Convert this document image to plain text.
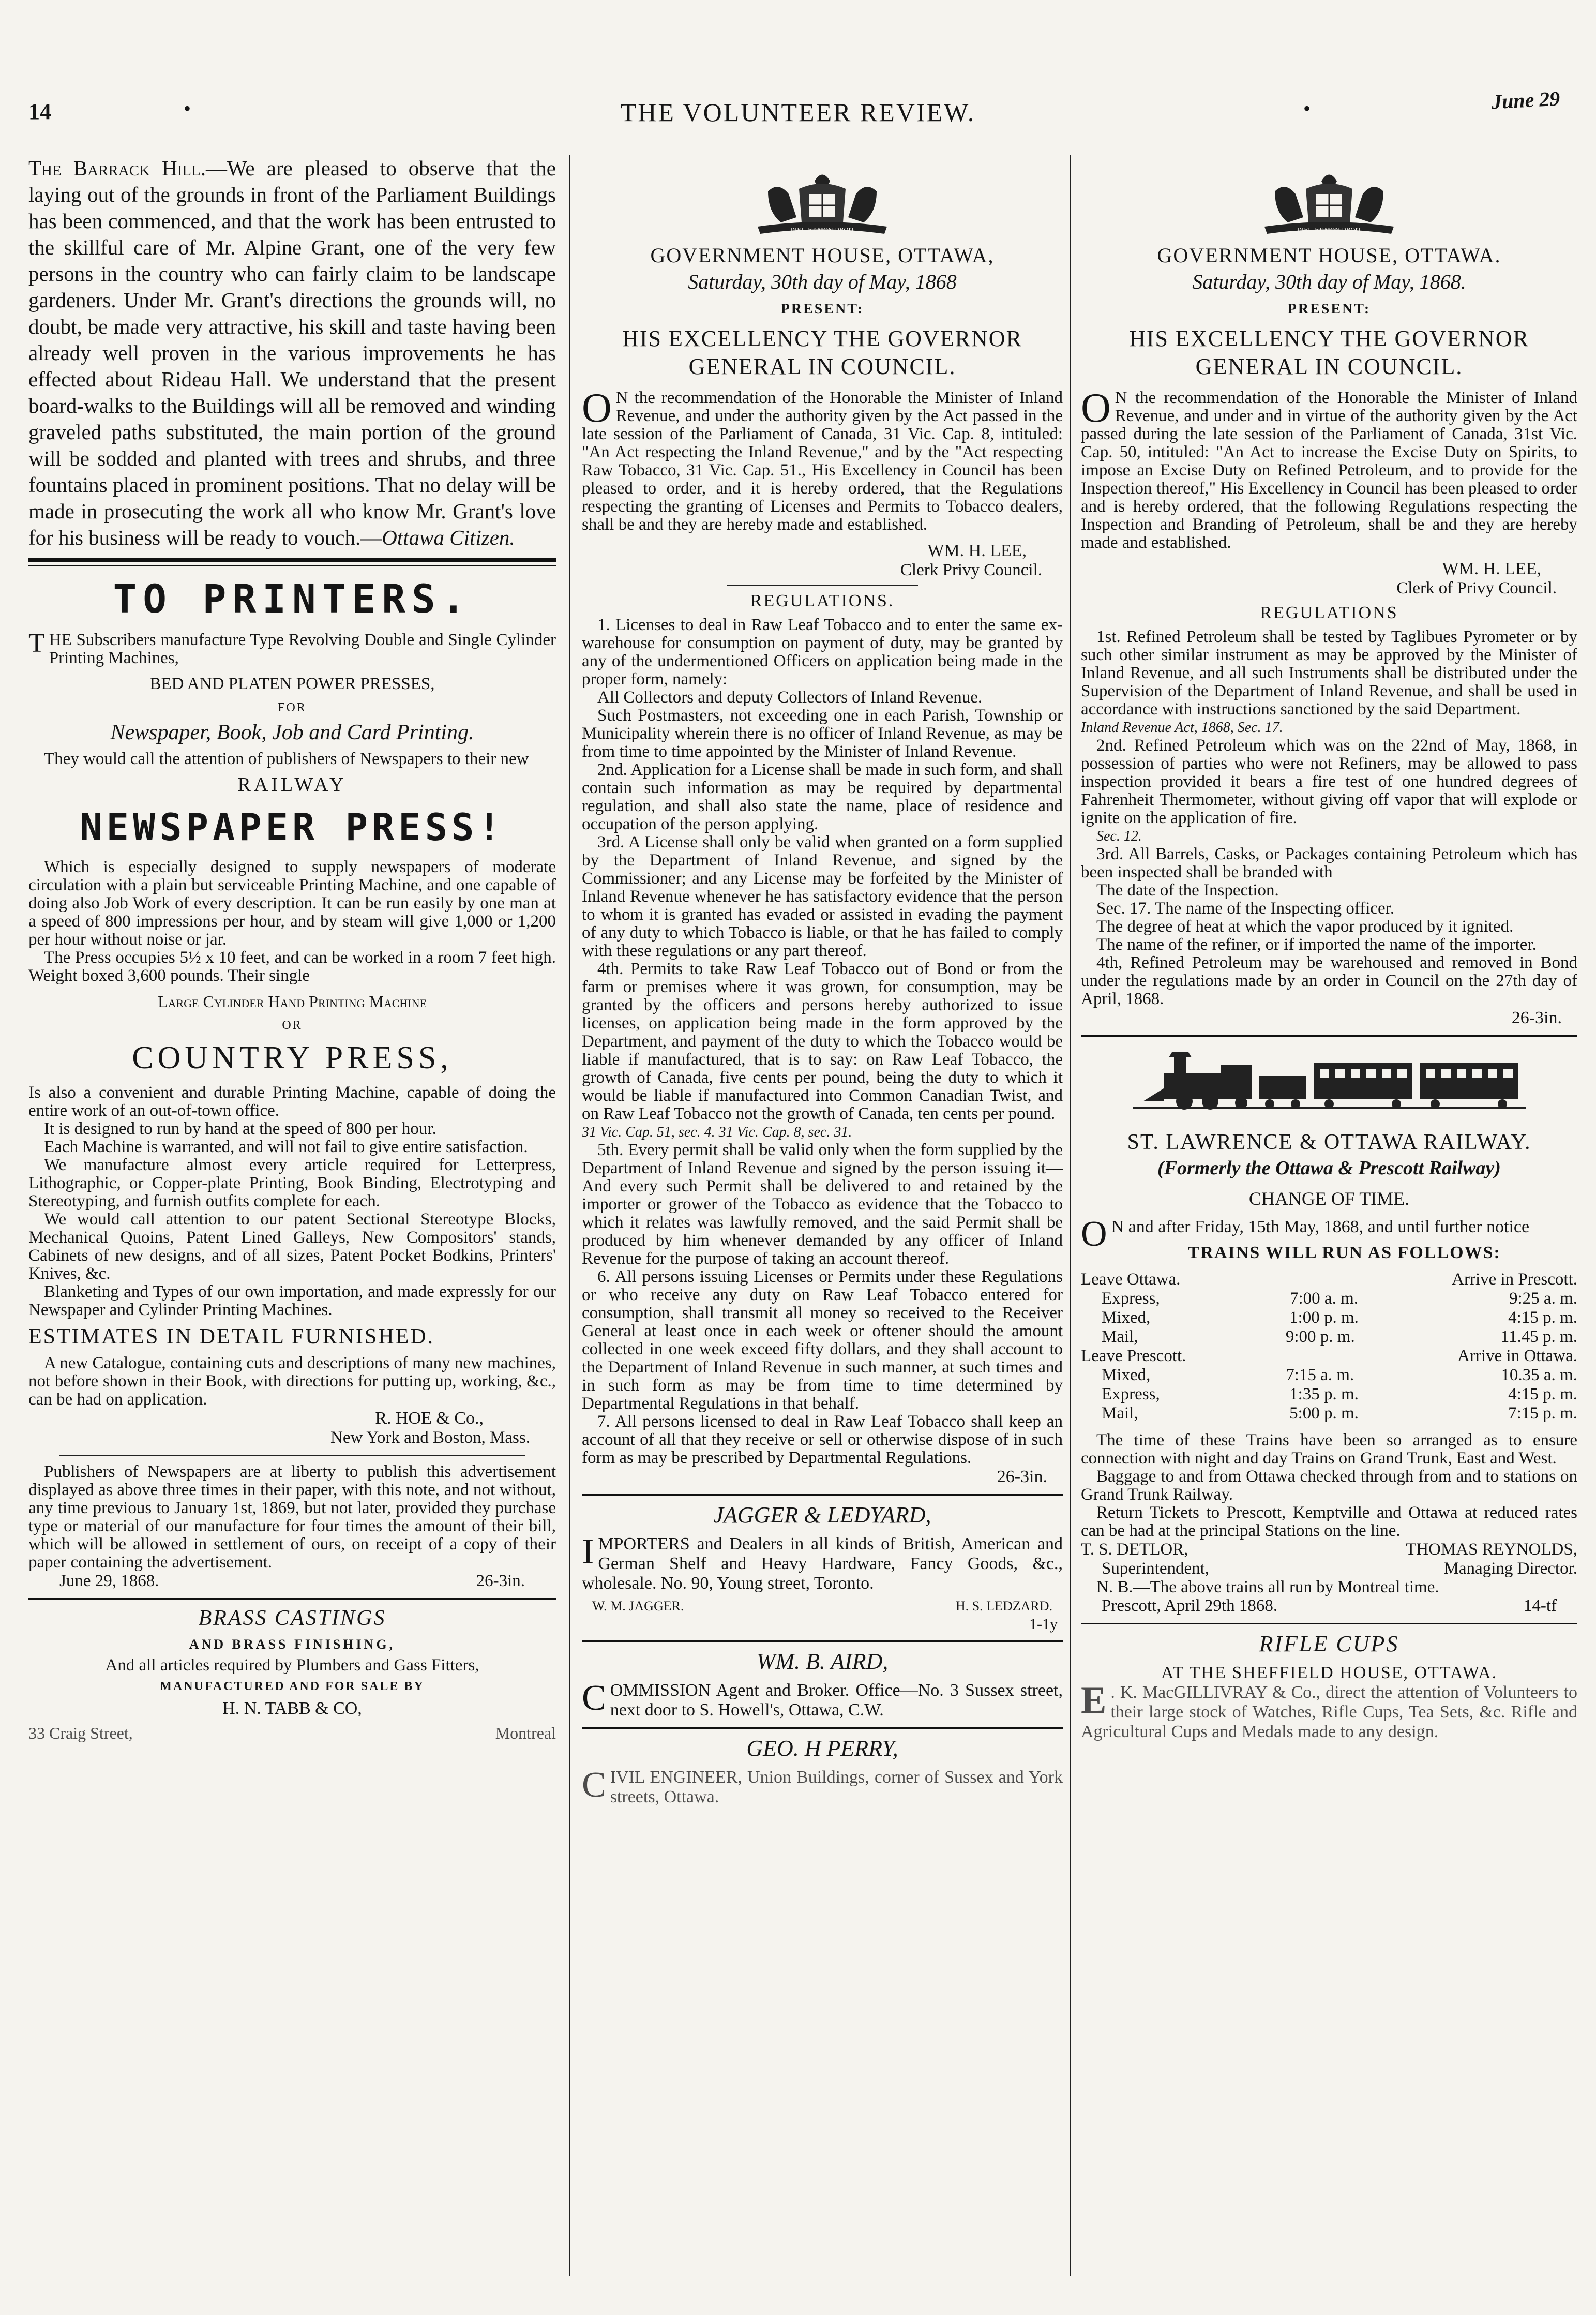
14	•	THE VOLUNTEER REVIEW.	•	June 29

The Barrack Hill.—We are pleased to observe that the laying out of the grounds in front of the Parliament Buildings has been commenced, and that the work has been entrusted to the skillful care of Mr. Alpine Grant, one of the very few persons in the country who can fairly claim to be landscape gardeners. Under Mr. Grant's directions the grounds will, no doubt, be made very attractive, his skill and taste having been already well proven in the various improvements he has effected about Rideau Hall. We understand that the present board-walks to the Buildings will all be removed and winding graveled paths substituted, the main portion of the ground will be sodded and planted with trees and shrubs, and three fountains placed in prominent positions. That no delay will be made in prosecuting the work all who know Mr. Grant's love for his business will be ready to vouch.—Ottawa Citizen.

TO PRINTERS.

THE Subscribers manufacture Type Revolving Double and Single Cylinder Printing Machines,

BED AND PLATEN POWER PRESSES,
FOR
Newspaper, Book, Job and Card Printing.

They would call the attention of publishers of Newspapers to their new

RAILWAY
NEWSPAPER PRESS!

Which is especially designed to supply newspapers of moderate circulation with a plain but serviceable Printing Machine, and one capable of doing also Job Work of every description. It can be run easily by one man at a speed of 800 impressions per hour, and by steam will give 1,000 or 1,200 per hour without noise or jar.

The Press occupies 5½ x 10 feet, and can be worked in a room 7 feet high. Weight boxed 3,600 pounds. Their single

Large Cylinder Hand Printing Machine
OR
COUNTRY PRESS,

Is also a convenient and durable Printing Machine, capable of doing the entire work of an out-of-town office.

It is designed to run by hand at the speed of 800 per hour.

Each Machine is warranted, and will not fail to give entire satisfaction.

We manufacture almost every article required for Letterpress, Lithographic, or Copper-plate Printing, Book Binding, Electrotyping and Stereotyping, and furnish outfits complete for each.

We would call attention to our patent Sectional Stereotype Blocks, Mechanical Quoins, Patent Lined Galleys, New Compositors' stands, Cabinets of new designs, and of all sizes, Patent Pocket Bodkins, Printers' Knives, &c.

Blanketing and Types of our own importation, and made expressly for our Newspaper and Cylinder Printing Machines.

ESTIMATES IN DETAIL FURNISHED.

A new Catalogue, containing cuts and descriptions of many new machines, not before shown in their Book, with directions for putting up, working, &c., can be had on application.

R. HOE & Co.,
New York and Boston, Mass.

Publishers of Newspapers are at liberty to publish this advertisement displayed as above three times in their paper, with this note, and not without, any time previous to January 1st, 1869, but not later, provided they purchase type or material of our manufacture for four times the amount of their bill, which will be allowed in settlement of ours, on receipt of a copy of their paper containing the advertisement.

June 29, 1868.	26-3in.
BRASS CASTINGS
AND BRASS FINISHING,

And all articles required by Plumbers and Gass Fitters,

MANUFACTURED AND FOR SALE BY
H. N. TABB & CO,
33 Craig Street,	Montreal
DIEU ET MON DROIT
GOVERNMENT HOUSE, OTTAWA,
Saturday, 30th day of May, 1868
PRESENT:
HIS EXCELLENCY THE GOVERNOR GENERAL IN COUNCIL.

O N the recommendation of the Honorable the Minister of Inland Revenue, and under the authority given by the Act passed in the late session of the Parliament of Canada, 31 Vic. Cap. 8, intituled: "An Act respecting the Inland Revenue," and by the "Act respecting Raw Tobacco, 31 Vic. Cap. 51., His Excellency in Council has been pleased to order, and it is hereby ordered, that the Regulations respecting the granting of Licenses and Permits to Tobacco dealers, shall be and they are hereby made and established.

WM. H. LEE,
Clerk Privy Council.
REGULATIONS.

1. Licenses to deal in Raw Leaf Tobacco and to enter the same ex-warehouse for consumption on payment of duty, may be granted by any of the undermentioned Officers on application being made in the proper form, namely:

All Collectors and deputy Collectors of Inland Revenue.

Such Postmasters, not exceeding one in each Parish, Township or Municipality wherein there is no officer of Inland Revenue, as may be from time to time appointed by the Minister of Inland Revenue.

2nd. Application for a License shall be made in such form, and shall contain such information as may be required by departmental regulation, and shall also state the name, place of residence and occupation of the person applying.

3rd. A License shall only be valid when granted on a form supplied by the Department of Inland Revenue, and signed by the Commissioner; and any License may be forfeited by the Minister of Inland Revenue whenever he has satisfactory evidence that the person to whom it is granted has evaded or assisted in evading the payment of any duty to which Tobacco is liable, or that he has failed to comply with these regulations or any part thereof.

4th. Permits to take Raw Leaf Tobacco out of Bond or from the farm or premises where it was grown, for consumption, may be granted by the officers and persons hereby authorized to issue licenses, on application being made in the form approved by the Department, and payment of the duty to which the Tobacco would be liable if manufactured, that is to say: on Raw Leaf Tobacco, the growth of Canada, five cents per pound, being the duty to which it would be liable if manufactured into Common Canadian Twist, and on Raw Leaf Tobacco not the growth of Canada, ten cents per pound.

31 Vic. Cap. 51, sec. 4. 31 Vic. Cap. 8, sec. 31.

5th. Every permit shall be valid only when the form supplied by the Department of Inland Revenue and signed by the person issuing it—And every such Permit shall be delivered to and retained by the importer or grower of the Tobacco as evidence that the Tobacco to which it relates was lawfully removed, and the said Permit shall be produced by him whenever demanded by any officer of Inland Revenue for the purpose of taking an account thereof.

6. All persons issuing Licenses or Permits under these Regulations or who receive any duty on Raw Leaf Tobacco entered for consumption, shall transmit all money so received to the Receiver General at least once in each week or oftener should the amount collected in one week exceed fifty dollars, and they shall account to the Department of Inland Revenue in such manner, at such times and in such form as may be from time to time determined by Departmental Regulations in that behalf.

7. All persons licensed to deal in Raw Leaf Tobacco shall keep an account of all that they receive or sell or otherwise dispose of in such form as may be prescribed by Departmental Regulations.

26-3in.
JAGGER & LEDYARD,

IMPORTERS and Dealers in all kinds of British, American and German Shelf and Heavy Hardware, Fancy Goods, &c., wholesale. No. 90, Young street, Toronto.

W. M. JAGGER.	H. S. LEDZARD.
1-1y
WM. B. AIRD,

COMMISSION Agent and Broker. Office—No. 3 Sussex street, next door to S. Howell's, Ottawa, C.W.

GEO. H PERRY,

CIVIL ENGINEER, Union Buildings, corner of Sussex and York streets, Ottawa.

DIEU ET MON DROIT
GOVERNMENT HOUSE, OTTAWA.
Saturday, 30th day of May, 1868.
PRESENT:
HIS EXCELLENCY THE GOVERNOR GENERAL IN COUNCIL.

O N the recommendation of the Honorable the Minister of Inland Revenue, and under and in virtue of the authority given by the Act passed during the late session of the Parliament of Canada, 31st Vic. Cap. 50, intituled: "An Act to increase the Excise Duty on Spirits, to impose an Excise Duty on Refined Petroleum, and to provide for the Inspection thereof," His Excellency in Council has been pleased to order and is hereby ordered, that the following Regulations respecting the Inspection and Branding of Petroleum, shall be and they are hereby made and established.

WM. H. LEE,
Clerk of Privy Council.
REGULATIONS

1st. Refined Petroleum shall be tested by Taglibues Pyrometer or by such other similar instrument as may be approved by the Minister of Inland Revenue, and all such Instruments shall be distributed under the Supervision of the Department of Inland Revenue, and shall be used in accordance with instructions sanctioned by the said Department.

Inland Revenue Act, 1868, Sec. 17.

2nd. Refined Petroleum which was on the 22nd of May, 1868, in possession of parties who were not Refiners, may be allowed to pass inspection provided it bears a fire test of one hundred degrees of Fahrenheit Thermometer, without giving off vapor that will explode or ignite on the application of fire.

Sec. 12.

3rd. All Barrels, Casks, or Packages containing Petroleum which has been inspected shall be branded with

The date of the Inspection.

Sec. 17. The name of the Inspecting officer.

The degree of heat at which the vapor produced by it ignited.

The name of the refiner, or if imported the name of the importer.

4th, Refined Petroleum may be warehoused and removed in Bond under the regulations made by an order in Council on the 27th day of April, 1868.

26-3in.
ST. LAWRENCE & OTTAWA RAILWAY.
(Formerly the Ottawa & Prescott Railway)
CHANGE OF TIME.

O N and after Friday, 15th May, 1868, and until further notice

TRAINS WILL RUN AS FOLLOWS:
Leave Ottawa.	Arrive in Prescott.
Express,	7:00 a. m.	9:25 a. m.
Mixed,	1:00 p. m.	4:15 p. m.
Mail,	9:00 p. m.	11.45 p. m.
Leave Prescott.	Arrive in Ottawa.
Mixed,	7:15 a. m.	10.35 a. m.
Express,	1:35 p. m.	4:15 p. m.
Mail,	5:00 p. m.	7:15 p. m.

The time of these Trains have been so arranged as to ensure connection with night and day Trains on Grand Trunk, East and West.

Baggage to and from Ottawa checked through from and to stations on Grand Trunk Railway.

Return Tickets to Prescott, Kemptville and Ottawa at reduced rates can be had at the principal Stations on the line.

T. S. DETLOR,	THOMAS REYNOLDS,
Superintendent,	Managing Director.

N. B.—The above trains all run by Montreal time.

Prescott, April 29th 1868.	14-tf
RIFLE CUPS
AT THE SHEFFIELD HOUSE, OTTAWA.

E . K. MacGILLIVRAY & Co., direct the attention of Volunteers to their large stock of Watches, Rifle Cups, Tea Sets, &c. Rifle and Agricultural Cups and Medals made to any design.
